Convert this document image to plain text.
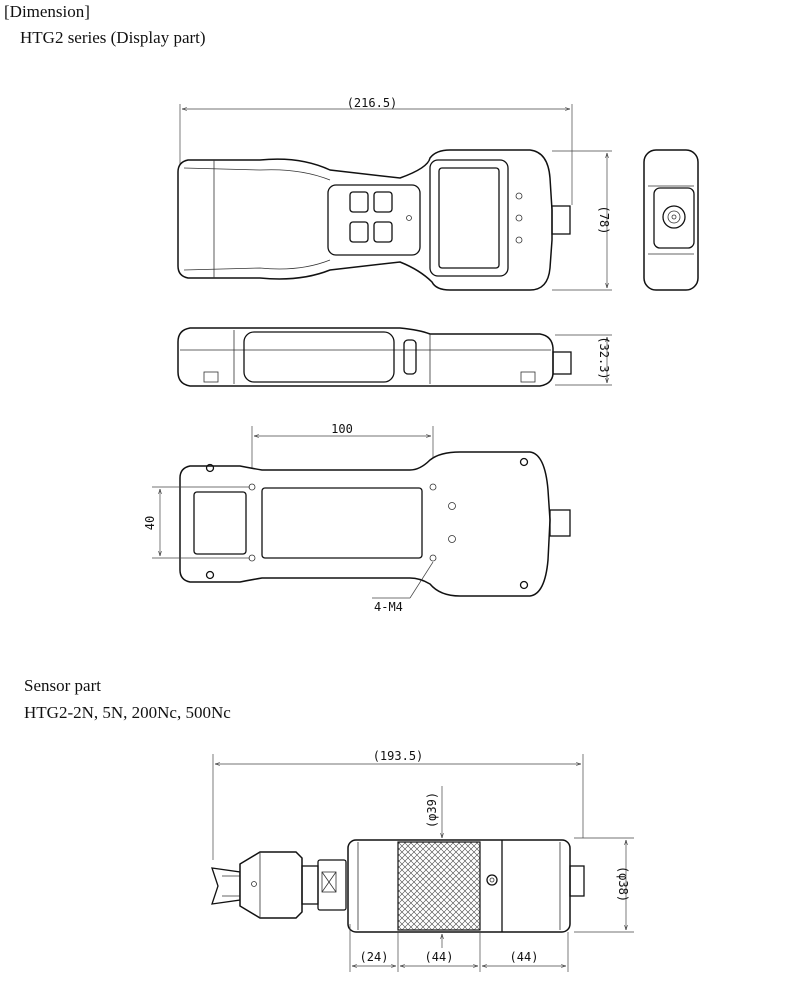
[Dimension]
HTG2 series (Display part)
Sensor part
HTG2-2N, 5N, 200Nc, 500Nc
(216.5)
(78)
(32.3)
100
40
4-M4
(193.5)
(φ39)
(φ38)
(24)	(44)	(44)
